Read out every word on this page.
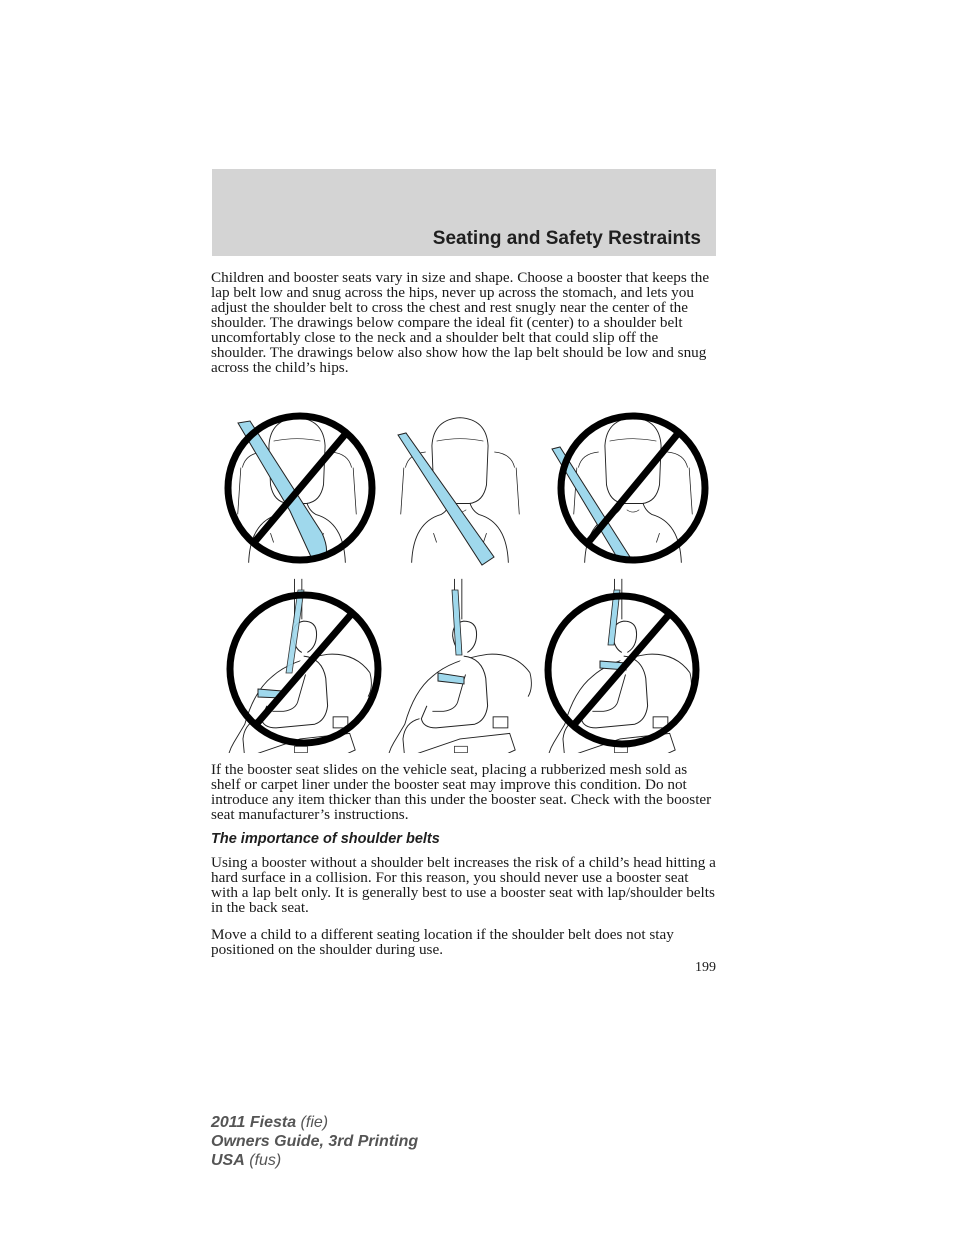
Seating and Safety Restraints

Children and booster seats vary in size and shape. Choose a booster that keeps the lap belt low and snug across the hips, never up across the stomach, and lets you adjust the shoulder belt to cross the chest and rest snugly near the center of the shoulder. The drawings below compare the ideal fit (center) to a shoulder belt uncomfortably close to the neck and a shoulder belt that could slip off the shoulder. The drawings below also show how the lap belt should be low and snug across the child’s hips.

If the booster seat slides on the vehicle seat, placing a rubberized mesh sold as shelf or carpet liner under the booster seat may improve this condition. Do not introduce any item thicker than this under the booster seat. Check with the booster seat manufacturer’s instructions.

The importance of shoulder belts

Using a booster without a shoulder belt increases the risk of a child’s head hitting a hard surface in a collision. For this reason, you should never use a booster seat with a lap belt only. It is generally best to use a booster seat with lap/shoulder belts in the back seat.

Move a child to a different seating location if the shoulder belt does not stay positioned on the shoulder during use.

199
2011 Fiesta (fie)
Owners Guide, 3rd Printing
USA (fus)
